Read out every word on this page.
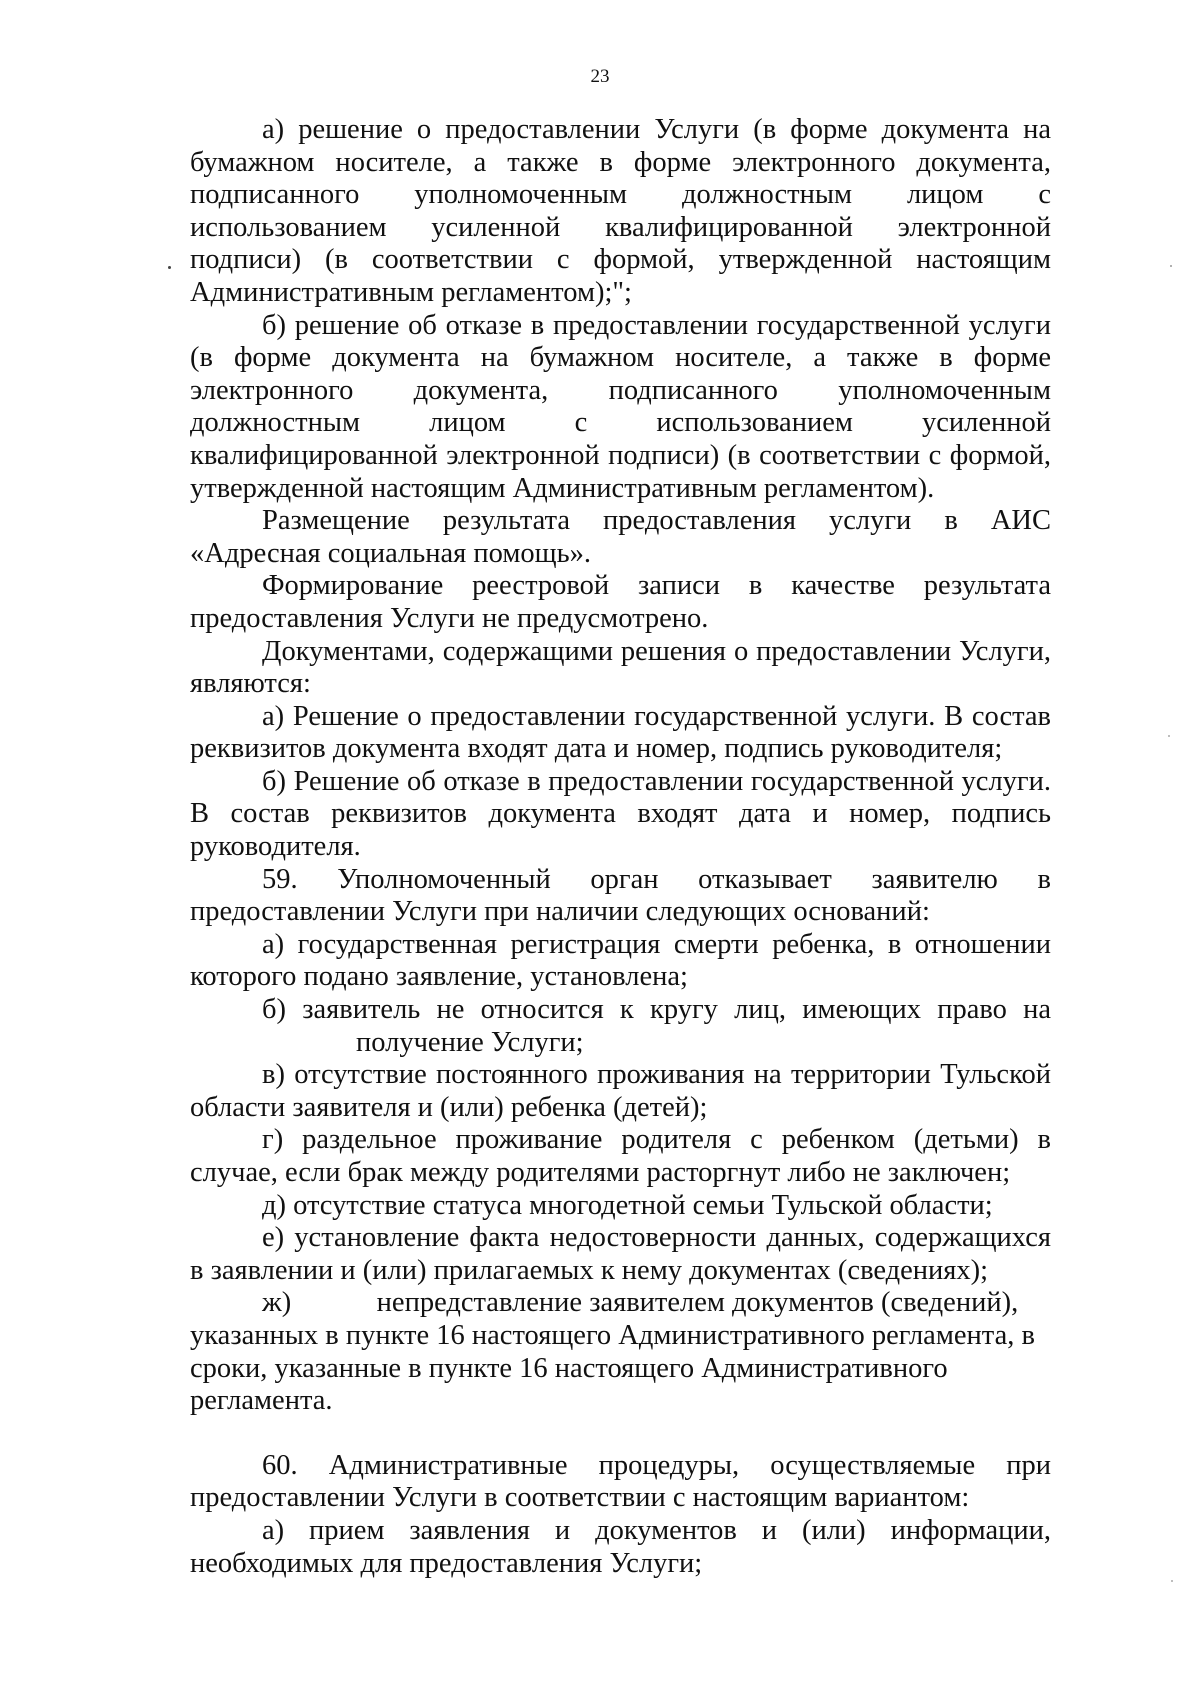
23

а) решение о предоставлении Услуги (в форме документа на бумажном носителе, а также в форме электронного документа, подписанного уполномоченным должностным лицом с использованием усиленной квалифицированной электронной подписи) (в соответствии с формой, утвержденной настоящим Административным регламентом);";

б) решение об отказе в предоставлении государственной услуги (в форме документа на бумажном носителе, а также в форме электронного документа, подписанного уполномоченным должностным лицом с использованием усиленной квалифицированной электронной подписи) (в соответствии с формой, утвержденной настоящим Административным регламентом).

Размещение результата предоставления услуги в АИС «Адресная социальная помощь».

Формирование реестровой записи в качестве результата предоставления Услуги не предусмотрено.

Документами, содержащими решения о предоставлении Услуги, являются:

а) Решение о предоставлении государственной услуги. В состав реквизитов документа входят дата и номер, подпись руководителя;

б) Решение об отказе в предоставлении государственной услуги. В состав реквизитов документа входят дата и номер, подпись руководителя.

59. Уполномоченный орган отказывает заявителю в предоставлении Услуги при наличии следующих оснований:

а) государственная регистрация смерти ребенка, в отношении которого подано заявление, установлена;

б) заявитель не относится к кругу лиц, имеющих право на

получение Услуги;

в) отсутствие постоянного проживания на территории Тульской области заявителя и (или) ребенка (детей);

г) раздельное проживание родителя с ребенком (детьми) в случае, если брак между родителями расторгнут либо не заключен;

д) отсутствие статуса многодетной семьи Тульской области;

е) установление факта недостоверности данных, содержащихся в заявлении и (или) прилагаемых к нему документах (сведениях);

ж)            непредставление заявителем документов (сведений), указанных в пункте 16 настоящего Административного регламента, в сроки, указанные в пункте 16 настоящего Административного регламента.

60. Административные процедуры, осуществляемые при предоставлении Услуги в соответствии с настоящим вариантом:

а) прием заявления и документов и (или) информации, необходимых для предоставления Услуги;
